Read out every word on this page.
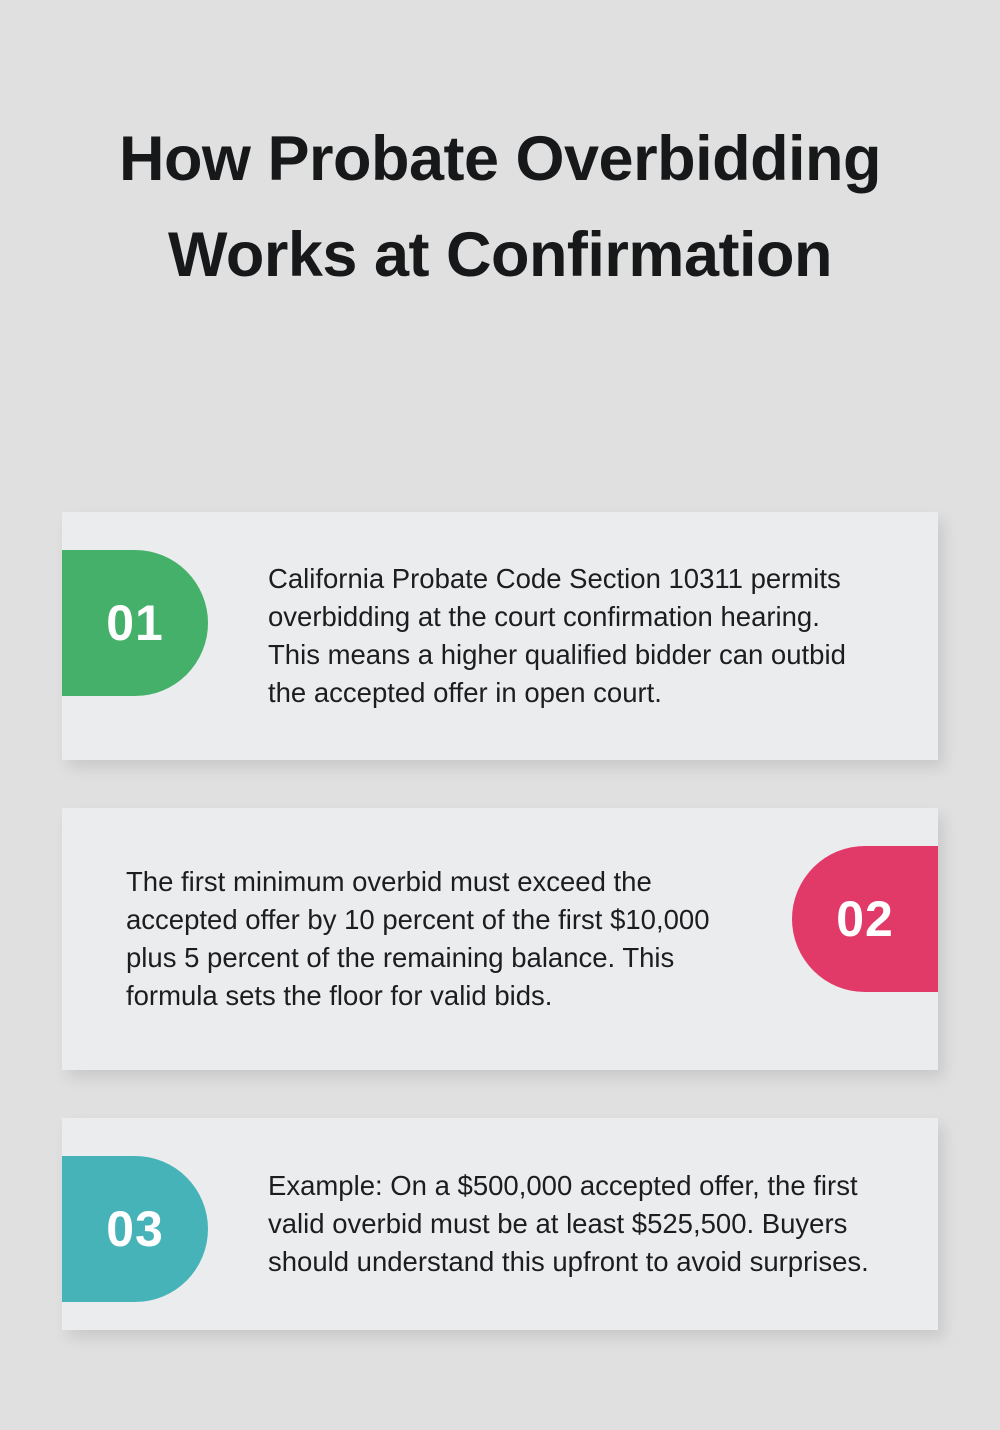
How Probate Overbidding Works at Confirmation
01
California Probate Code Section 10311 permits overbidding at the court confirmation hearing. This means a higher qualified bidder can outbid the accepted offer in open court.
02
The first minimum overbid must exceed the accepted offer by 10 percent of the first $10,000 plus 5 percent of the remaining balance. This formula sets the floor for valid bids.
03
Example: On a $500,000 accepted offer, the first valid overbid must be at least $525,500. Buyers should understand this upfront to avoid surprises.
